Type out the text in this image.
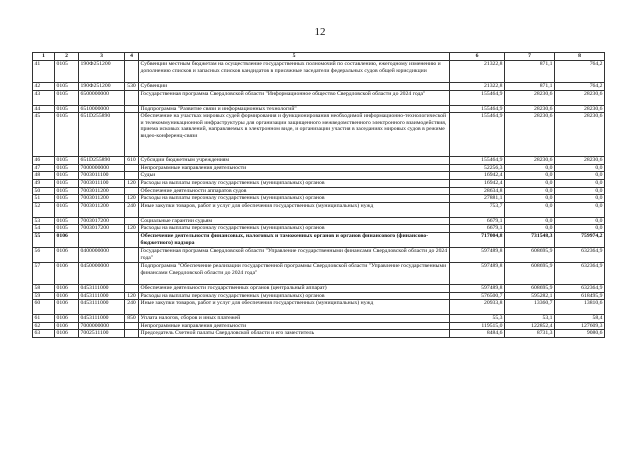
12
1	2	3	4	5	6	7	8
41	0105	190Ф251200		Субвенции местным бюджетам на осуществление государственных полномочий по составлению, ежегодному изменению и дополнению списков и запасных списков кандидатов в присяжные заседатели федеральных судов общей юрисдикции	21322,8	871,1	764,2
42	0105	190Ф251200	530	Субвенции	21322,8	871,1	764,2
43	0105	6500000000		Государственная программа Свердловской области "Информационное общество Свердловской области до 2024 года"	155464,9	28230,6	28230,6
44	0105	6510000000		Подпрограмма "Развитие связи и информационных технологий"	155464,9	28230,6	28230,6
45	0105	651D255890		Обеспечение на участках мировых судей формирования и функционирования необходимой информационно-технологической и телекоммуникационной инфраструктуры для организации защищенного межведомственного электронного взаимодействия, приема исковых заявлений, направляемых в электронном виде, и организации участия в заседаниях мировых судов в режиме видео-конференц-связи	155464,9	28230,6	28230,6
46	0105	651D255890	610	Субсидии бюджетным учреждениям	155464,9	28230,6	28230,6
47	0105	7000000000		Непрограммные направления деятельности	52256,3	0,0	0,0
48	0105	7003011100		Судьи	16942,4	0,0	0,0
49	0105	7003011100	120	Расходы на выплаты персоналу государственных (муниципальных) органов	16942,4	0,0	0,0
50	0105	7003011200		Обеспечение деятельности аппаратов судов	28634,8	0,0	0,0
51	0105	7003011200	120	Расходы на выплаты персоналу государственных (муниципальных) органов	27881,1	0,0	0,0
52	0105	7003011200	240	Иные закупки товаров, работ и услуг для обеспечения государственных (муниципальных) нужд	753,7	0,0	0,0
53	0105	7003017200		Социальные гарантии судьям	6679,1	0,0	0,0
54	0105	7003017200	120	Расходы на выплаты персоналу государственных (муниципальных) органов	6679,1	0,0	0,0
55	0106			Обеспечение деятельности финансовых, налоговых и таможенных органов и органов финансового (финансово-бюджетного) надзора	717004,8	731548,3	759974,2
56	0106	0400000000		Государственная программа Свердловской области "Управление государственными финансами Свердловской области до 2024 года"	597489,8	608695,9	632364,9
57	0106	0450000000		Подпрограмма "Обеспечение реализации государственной программы Свердловской области "Управление государственными финансами Свердловской области до 2024 года"	597489,8	608695,9	632364,9
58	0106	0453111000		Обеспечение деятельности государственных органов (центральный аппарат)	597489,8	608695,9	632364,9
59	0106	0453111000	120	Расходы на выплаты персоналу государственных (муниципальных) органов	576500,7	595282,1	618495,9
60	0106	0453111000	240	Иные закупки товаров, работ и услуг для обеспечения государственных (муниципальных) нужд	20933,8	13360,7	13810,6
61	0106	0453111000	850	Уплата налогов, сборов и иных платежей	55,3	53,1	58,4
62	0106	7000000000		Непрограммные направления деятельности	119515,0	122852,4	127609,3
63	0106	7002511100		Председатель Счетной палаты Свердловской области и его заместитель	8484,6	8731,3	9080,6
